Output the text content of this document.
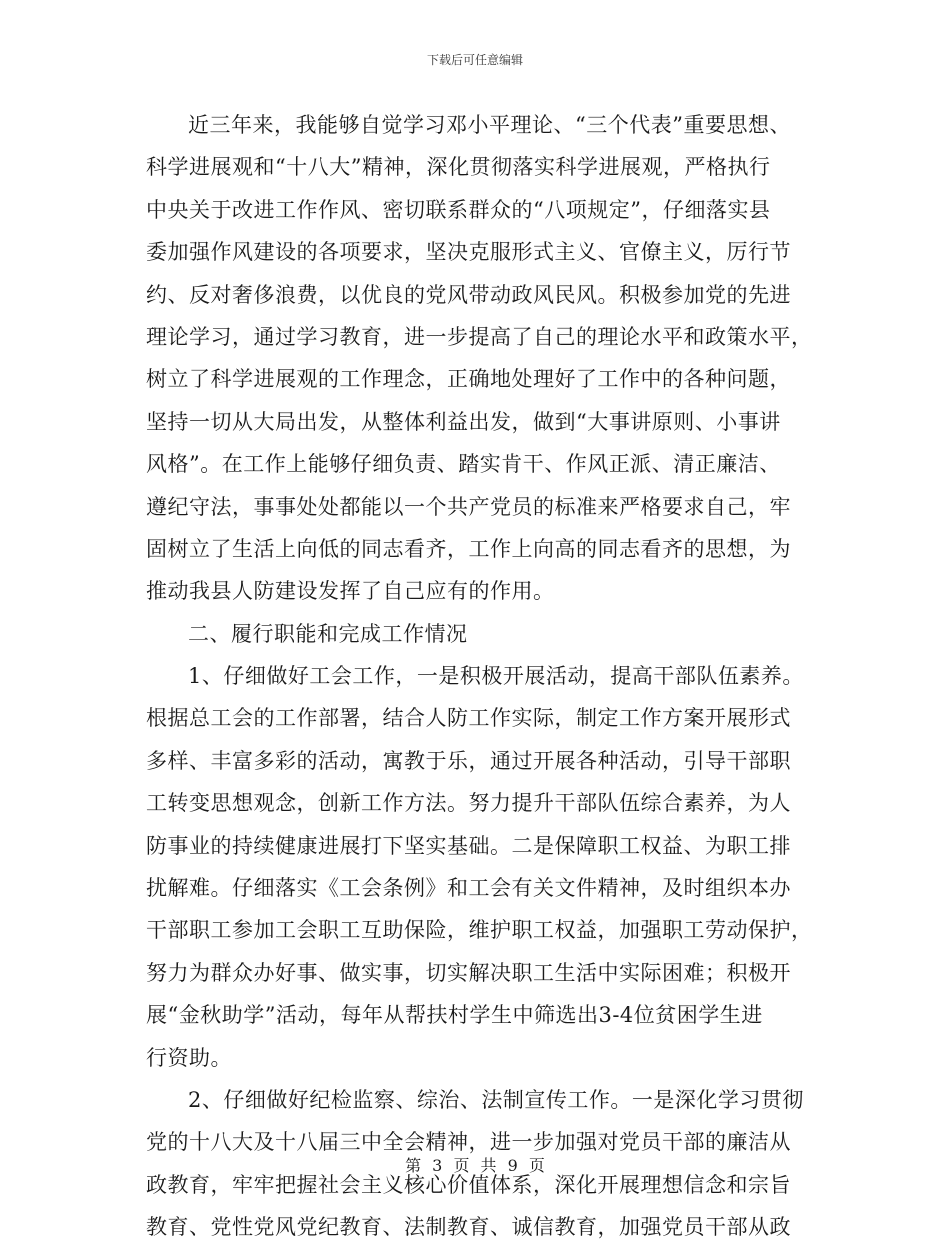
下载后可任意编辑
近三年来，我能够自觉学习邓小平理论、“三个代表”重要思想、
科学进展观和“十八大”精神，深化贯彻落实科学进展观，严格执行
中央关于改进工作作风、密切联系群众的“八项规定”，仔细落实县
委加强作风建设的各项要求，坚决克服形式主义、官僚主义，厉行节
约、反对奢侈浪费，以优良的党风带动政风民风。积极参加党的先进
理论学习，通过学习教育，进一步提高了自己的理论水平和政策水平，
树立了科学进展观的工作理念，正确地处理好了工作中的各种问题，
坚持一切从大局出发，从整体利益出发，做到“大事讲原则、小事讲
风格”。在工作上能够仔细负责、踏实肯干、作风正派、清正廉洁、
遵纪守法，事事处处都能以一个共产党员的标准来严格要求自己，牢
固树立了生活上向低的同志看齐，工作上向高的同志看齐的思想，为
推动我县人防建设发挥了自己应有的作用。
二、履行职能和完成工作情况
1、仔细做好工会工作，一是积极开展活动，提高干部队伍素养。
根据总工会的工作部署，结合人防工作实际，制定工作方案开展形式
多样、丰富多彩的活动，寓教于乐，通过开展各种活动，引导干部职
工转变思想观念，创新工作方法。努力提升干部队伍综合素养，为人
防事业的持续健康进展打下坚实基础。二是保障职工权益、为职工排
扰解难。仔细落实《工会条例》和工会有关文件精神，及时组织本办
干部职工参加工会职工互助保险，维护职工权益，加强职工劳动保护，
努力为群众办好事、做实事，切实解决职工生活中实际困难；积极开
展“金秋助学”活动，每年从帮扶村学生中筛选出3-4位贫困学生进
行资助。
2、仔细做好纪检监察、综治、法制宣传工作。一是深化学习贯彻
党的十八大及十八届三中全会精神，进一步加强对党员干部的廉洁从
政教育，牢牢把握社会主义核心价值体系，深化开展理想信念和宗旨
教育、党性党风党纪教育、法制教育、诚信教育，加强党员干部从政
第 3 页 共 9 页
